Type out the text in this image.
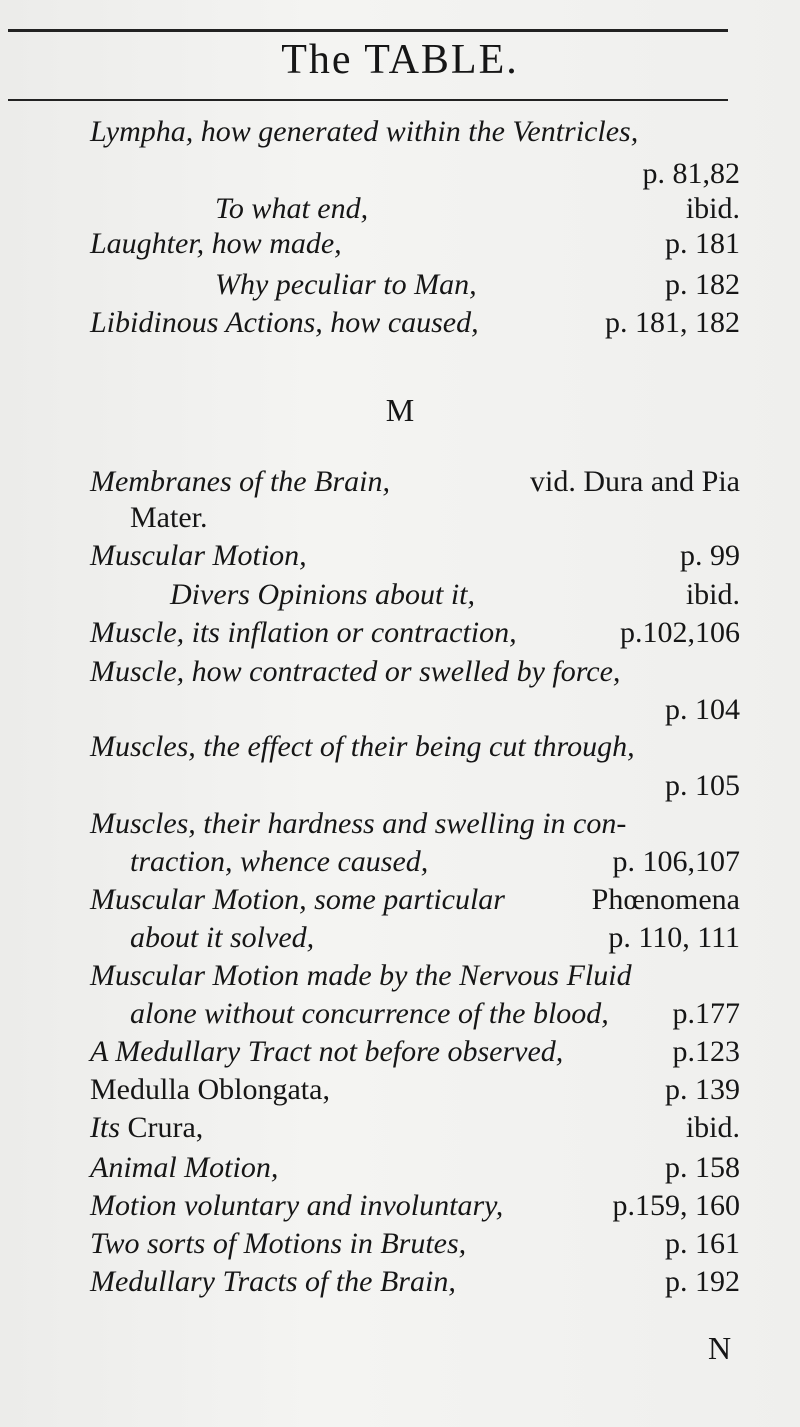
The TABLE.
Lympha, how generated within the Ventricles,
p. 81,82
To what end,	ibid.
Laughter, how made,	p. 181
Why peculiar to Man,	p. 182
Libidinous Actions, how caused,	p. 181, 182
M
Membranes of the Brain,	vid. Dura and Pia
Mater.
Muscular Motion,	p. 99
Divers Opinions about it,	ibid.
Muscle, its inflation or contraction,	p.102,106
Muscle, how contracted or swelled by force,
p. 104
Muscles, the effect of their being cut through,
p. 105
Muscles, their hardness and swelling in con-
traction, whence caused,	p. 106,107
Muscular Motion, some particular	Phœnomena
about it solved,	p. 110, 111
Muscular Motion made by the Nervous Fluid
alone without concurrence of the blood, p.177
A Medullary Tract not before observed,	p.123
Medulla Oblongata,	p. 139
Its Crura,	ibid.
Animal Motion,	p. 158
Motion voluntary and involuntary,	p.159, 160
Two sorts of Motions in Brutes,	p. 161
Medullary Tracts of the Brain,	p. 192
N
